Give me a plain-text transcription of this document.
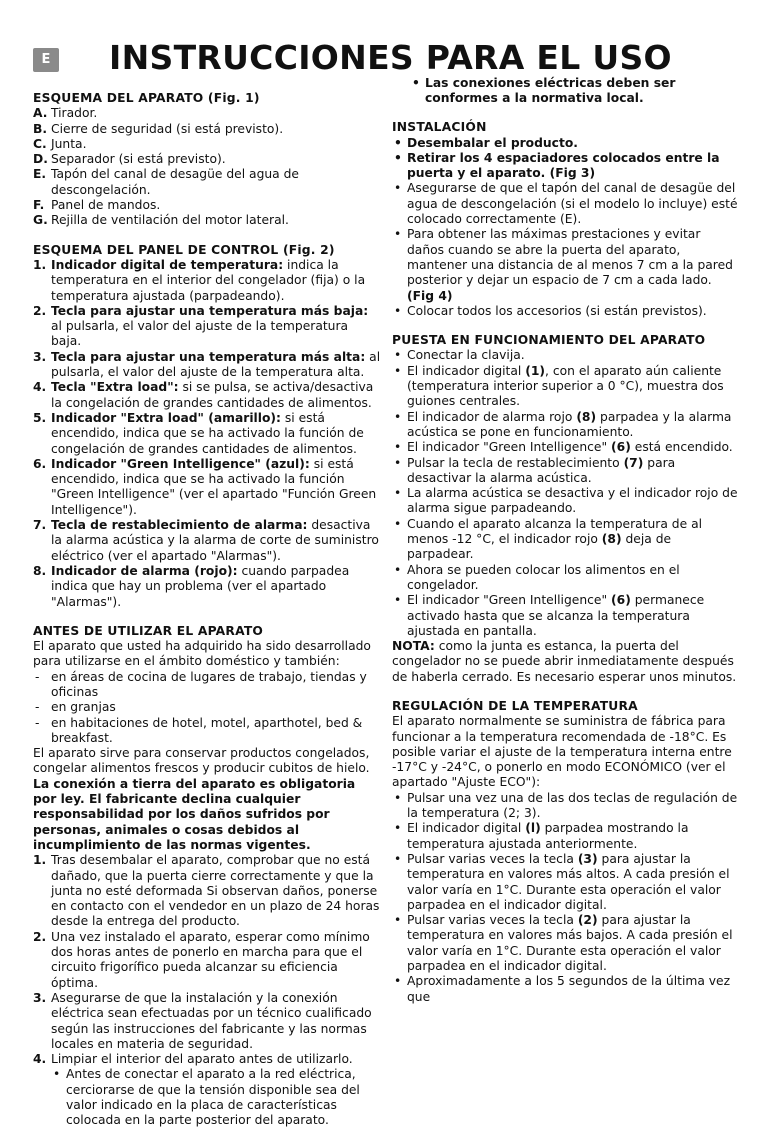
E INSTRUCCIONES PARA EL USO
ESQUEMA DEL APARATO (Fig. 1)
A. Tirador.
B. Cierre de seguridad (si está previsto).
C. Junta.
D. Separador (si está previsto).
E. Tapón del canal de desagüe del agua de descongelación.
F. Panel de mandos.
G. Rejilla de ventilación del motor lateral.
ESQUEMA DEL PANEL DE CONTROL (Fig. 2)
1. Indicador digital de temperatura: indica la temperatura en el interior del congelador (fija) o la temperatura ajustada (parpadeando).
2. Tecla para ajustar una temperatura más baja: al pulsarla, el valor del ajuste de la temperatura baja.
3. Tecla para ajustar una temperatura más alta: al pulsarla, el valor del ajuste de la temperatura alta.
4. Tecla "Extra load": si se pulsa, se activa/desactiva la congelación de grandes cantidades de alimentos.
5. Indicador "Extra load" (amarillo): si está encendido, indica que se ha activado la función de congelación de grandes cantidades de alimentos.
6. Indicador "Green Intelligence" (azul): si está encendido, indica que se ha activado la función "Green Intelligence" (ver el apartado "Función Green Intelligence").
7. Tecla de restablecimiento de alarma: desactiva la alarma acústica y la alarma de corte de suministro eléctrico (ver el apartado "Alarmas").
8. Indicador de alarma (rojo): cuando parpadea indica que hay un problema (ver el apartado "Alarmas").
ANTES DE UTILIZAR EL APARATO

El aparato que usted ha adquirido ha sido desarrollado para utilizarse en el ámbito doméstico y también:

- en áreas de cocina de lugares de trabajo, tiendas y oficinas
- en granjas
- en habitaciones de hotel, motel, aparthotel, bed & breakfast.

El aparato sirve para conservar productos congelados, congelar alimentos frescos y producir cubitos de hielo.

La conexión a tierra del aparato es obligatoria por ley. El fabricante declina cualquier responsabilidad por los daños sufridos por personas, animales o cosas debidos al incumplimiento de las normas vigentes.

1. Tras desembalar el aparato, comprobar que no está dañado, que la puerta cierre correctamente y que la junta no esté deformada Si observan daños, ponerse en contacto con el vendedor en un plazo de 24 horas desde la entrega del producto.
2. Una vez instalado el aparato, esperar como mínimo dos horas antes de ponerlo en marcha para que el circuito frigorífico pueda alcanzar su eficiencia óptima.
3. Asegurarse de que la instalación y la conexión eléctrica sean efectuadas por un técnico cualificado según las instrucciones del fabricante y las normas locales en materia de seguridad.
4. Limpiar el interior del aparato antes de utilizarlo.
• Antes de conectar el aparato a la red eléctrica, cerciorarse de que la tensión disponible sea del valor indicado en la placa de características colocada en la parte posterior del aparato.
• Las conexiones eléctricas deben ser conformes a la normativa local.
INSTALACIÓN
• Desembalar el producto.
• Retirar los 4 espaciadores colocados entre la puerta y el aparato. (Fig 3)
• Asegurarse de que el tapón del canal de desagüe del agua de descongelación (si el modelo lo incluye) esté colocado correctamente (E).
• Para obtener las máximas prestaciones y evitar daños cuando se abre la puerta del aparato, mantener una distancia de al menos 7 cm a la pared posterior y dejar un espacio de 7 cm a cada lado. (Fig 4)
• Colocar todos los accesorios (si están previstos).
PUESTA EN FUNCIONAMIENTO DEL APARATO
• Conectar la clavija.
• El indicador digital (1), con el aparato aún caliente (temperatura interior superior a 0 °C), muestra dos guiones centrales.
• El indicador de alarma rojo (8) parpadea y la alarma acústica se pone en funcionamiento.
• El indicador "Green Intelligence" (6) está encendido.
• Pulsar la tecla de restablecimiento (7) para desactivar la alarma acústica.
• La alarma acústica se desactiva y el indicador rojo de alarma sigue parpadeando.
• Cuando el aparato alcanza la temperatura de al menos -12 °C, el indicador rojo (8) deja de parpadear.
• Ahora se pueden colocar los alimentos en el congelador.
• El indicador "Green Intelligence" (6) permanece activado hasta que se alcanza la temperatura ajustada en pantalla.

NOTA: como la junta es estanca, la puerta del congelador no se puede abrir inmediatamente después de haberla cerrado. Es necesario esperar unos minutos.

REGULACIÓN DE LA TEMPERATURA

El aparato normalmente se suministra de fábrica para funcionar a la temperatura recomendada de -18°C. Es posible variar el ajuste de la temperatura interna entre -17°C y -24°C, o ponerlo en modo ECONÓMICO (ver el apartado "Ajuste ECO"):

• Pulsar una vez una de las dos teclas de regulación de la temperatura (2; 3).
• El indicador digital (l) parpadea mostrando la temperatura ajustada anteriormente.
• Pulsar varias veces la tecla (3) para ajustar la temperatura en valores más altos. A cada presión el valor varía en 1°C. Durante esta operación el valor parpadea en el indicador digital.
• Pulsar varias veces la tecla (2) para ajustar la temperatura en valores más bajos. A cada presión el valor varía en 1°C. Durante esta operación el valor parpadea en el indicador digital.
• Aproximadamente a los 5 segundos de la última vez que
